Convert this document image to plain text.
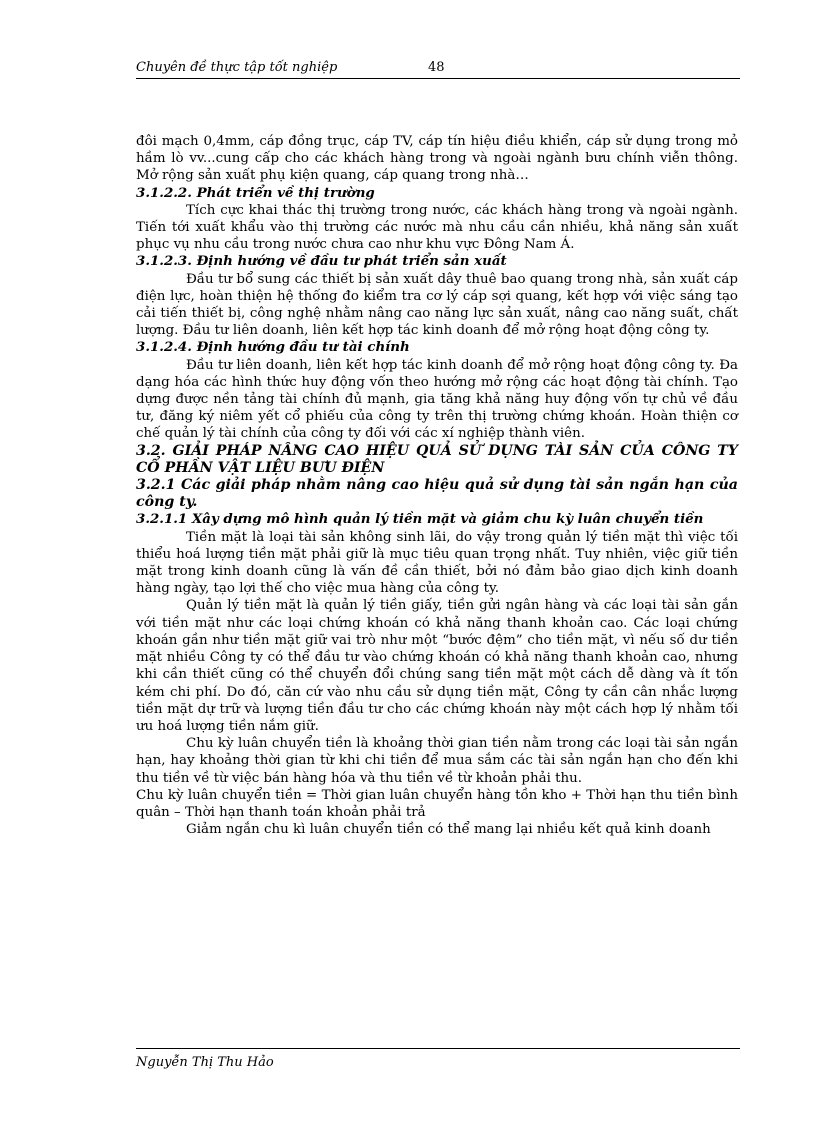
Chuyên đề thực tập tốt nghiệp	48

đôi mạch 0,4mm, cáp đồng trục, cáp TV, cáp tín hiệu điều khiển, cáp sử dụng trong mỏ hầm lò vv...cung cấp cho các khách hàng trong và ngoài ngành bưu chính viễn thông. Mở rộng sản xuất phụ kiện quang, cáp quang trong nhà…

3.1.2.2. Phát triển về thị trường

Tích cực khai thác thị trường trong nước, các khách hàng trong và ngoài ngành. Tiến tới xuất khẩu vào thị trường các nước mà nhu cầu cần nhiều, khả năng sản xuất phục vụ nhu cầu trong nước chưa cao như khu vực Đông Nam Á.

3.1.2.3. Định hướng về đầu tư phát triển sản xuất

Đầu tư bổ sung các thiết bị sản xuất dây thuê bao quang trong nhà, sản xuất cáp điện lực, hoàn thiện hệ thống đo kiểm tra cơ lý cáp sợi quang, kết hợp với việc sáng tạo cải tiến thiết bị, công nghệ nhằm nâng cao năng lực sản xuất, nâng cao năng suất, chất lượng. Đầu tư liên doanh, liên kết hợp tác kinh doanh để mở rộng hoạt động công ty.

3.1.2.4. Định hướng đầu tư tài chính

Đầu tư liên doanh, liên kết hợp tác kinh doanh để mở rộng hoạt động công ty. Đa dạng hóa các hình thức huy động vốn theo hướng mở rộng các hoạt động tài chính. Tạo dựng được nền tảng tài chính đủ mạnh, gia tăng khả năng huy động vốn tự chủ về đầu tư, đăng ký niêm yết cổ phiếu của công ty trên thị trường chứng khoán. Hoàn thiện cơ chế quản lý tài chính của công ty đối với các xí nghiệp thành viên.

3.2. GIẢI PHÁP NÂNG CAO HIỆU QUẢ SỬ DỤNG TÀI SẢN CỦA CÔNG TY CỔ PHẦN VẬT LIỆU BƯU ĐIỆN

3.2.1 Các giải pháp nhằm nâng cao hiệu quả sử dụng tài sản ngắn hạn của công ty.

3.2.1.1 Xây dựng mô hình quản lý tiền mặt và giảm chu kỳ luân chuyển tiền

Tiền mặt là loại tài sản không sinh lãi, do vậy trong quản lý tiền mặt thì việc tối thiểu hoá lượng tiền mặt phải giữ là mục tiêu quan trọng nhất. Tuy nhiên, việc giữ tiền mặt trong kinh doanh cũng là vấn đề cần thiết, bởi nó đảm bảo giao dịch kinh doanh hàng ngày, tạo lợi thế cho việc mua hàng của công ty.

Quản lý tiền mặt là quản lý tiền giấy, tiền gửi ngân hàng và các loại tài sản gắn với tiền mặt như các loại chứng khoán có khả năng thanh khoản cao. Các loại chứng khoán gần như tiền mặt giữ vai trò như một “bước đệm” cho tiền mặt, vì nếu số dư tiền mặt nhiều Công ty có thể đầu tư vào chứng khoán có khả năng thanh khoản cao, nhưng khi cần thiết cũng có thể chuyển đổi chúng sang tiền mặt một cách dễ dàng và ít tốn kém chi phí. Do đó, căn cứ vào nhu cầu sử dụng tiền mặt, Công ty cần cân nhắc lượng tiền mặt dự trữ và lượng tiền đầu tư cho các chứng khoán này một cách hợp lý nhằm tối ưu hoá lượng tiền nắm giữ.

Chu kỳ luân chuyển tiền là khoảng thời gian tiền nằm trong các loại tài sản ngắn hạn, hay khoảng thời gian từ khi chi tiền để mua sắm các tài sản ngắn hạn cho đến khi thu tiền về từ việc bán hàng hóa và thu tiền về từ khoản phải thu.

Chu kỳ luân chuyển tiền = Thời gian luân chuyển hàng tồn kho + Thời hạn thu tiền bình quân – Thời hạn thanh toán khoản phải trả

Giảm ngắn chu kì luân chuyển tiền có thể mang lại nhiều kết quả kinh doanh

Nguyễn Thị Thu Hảo
